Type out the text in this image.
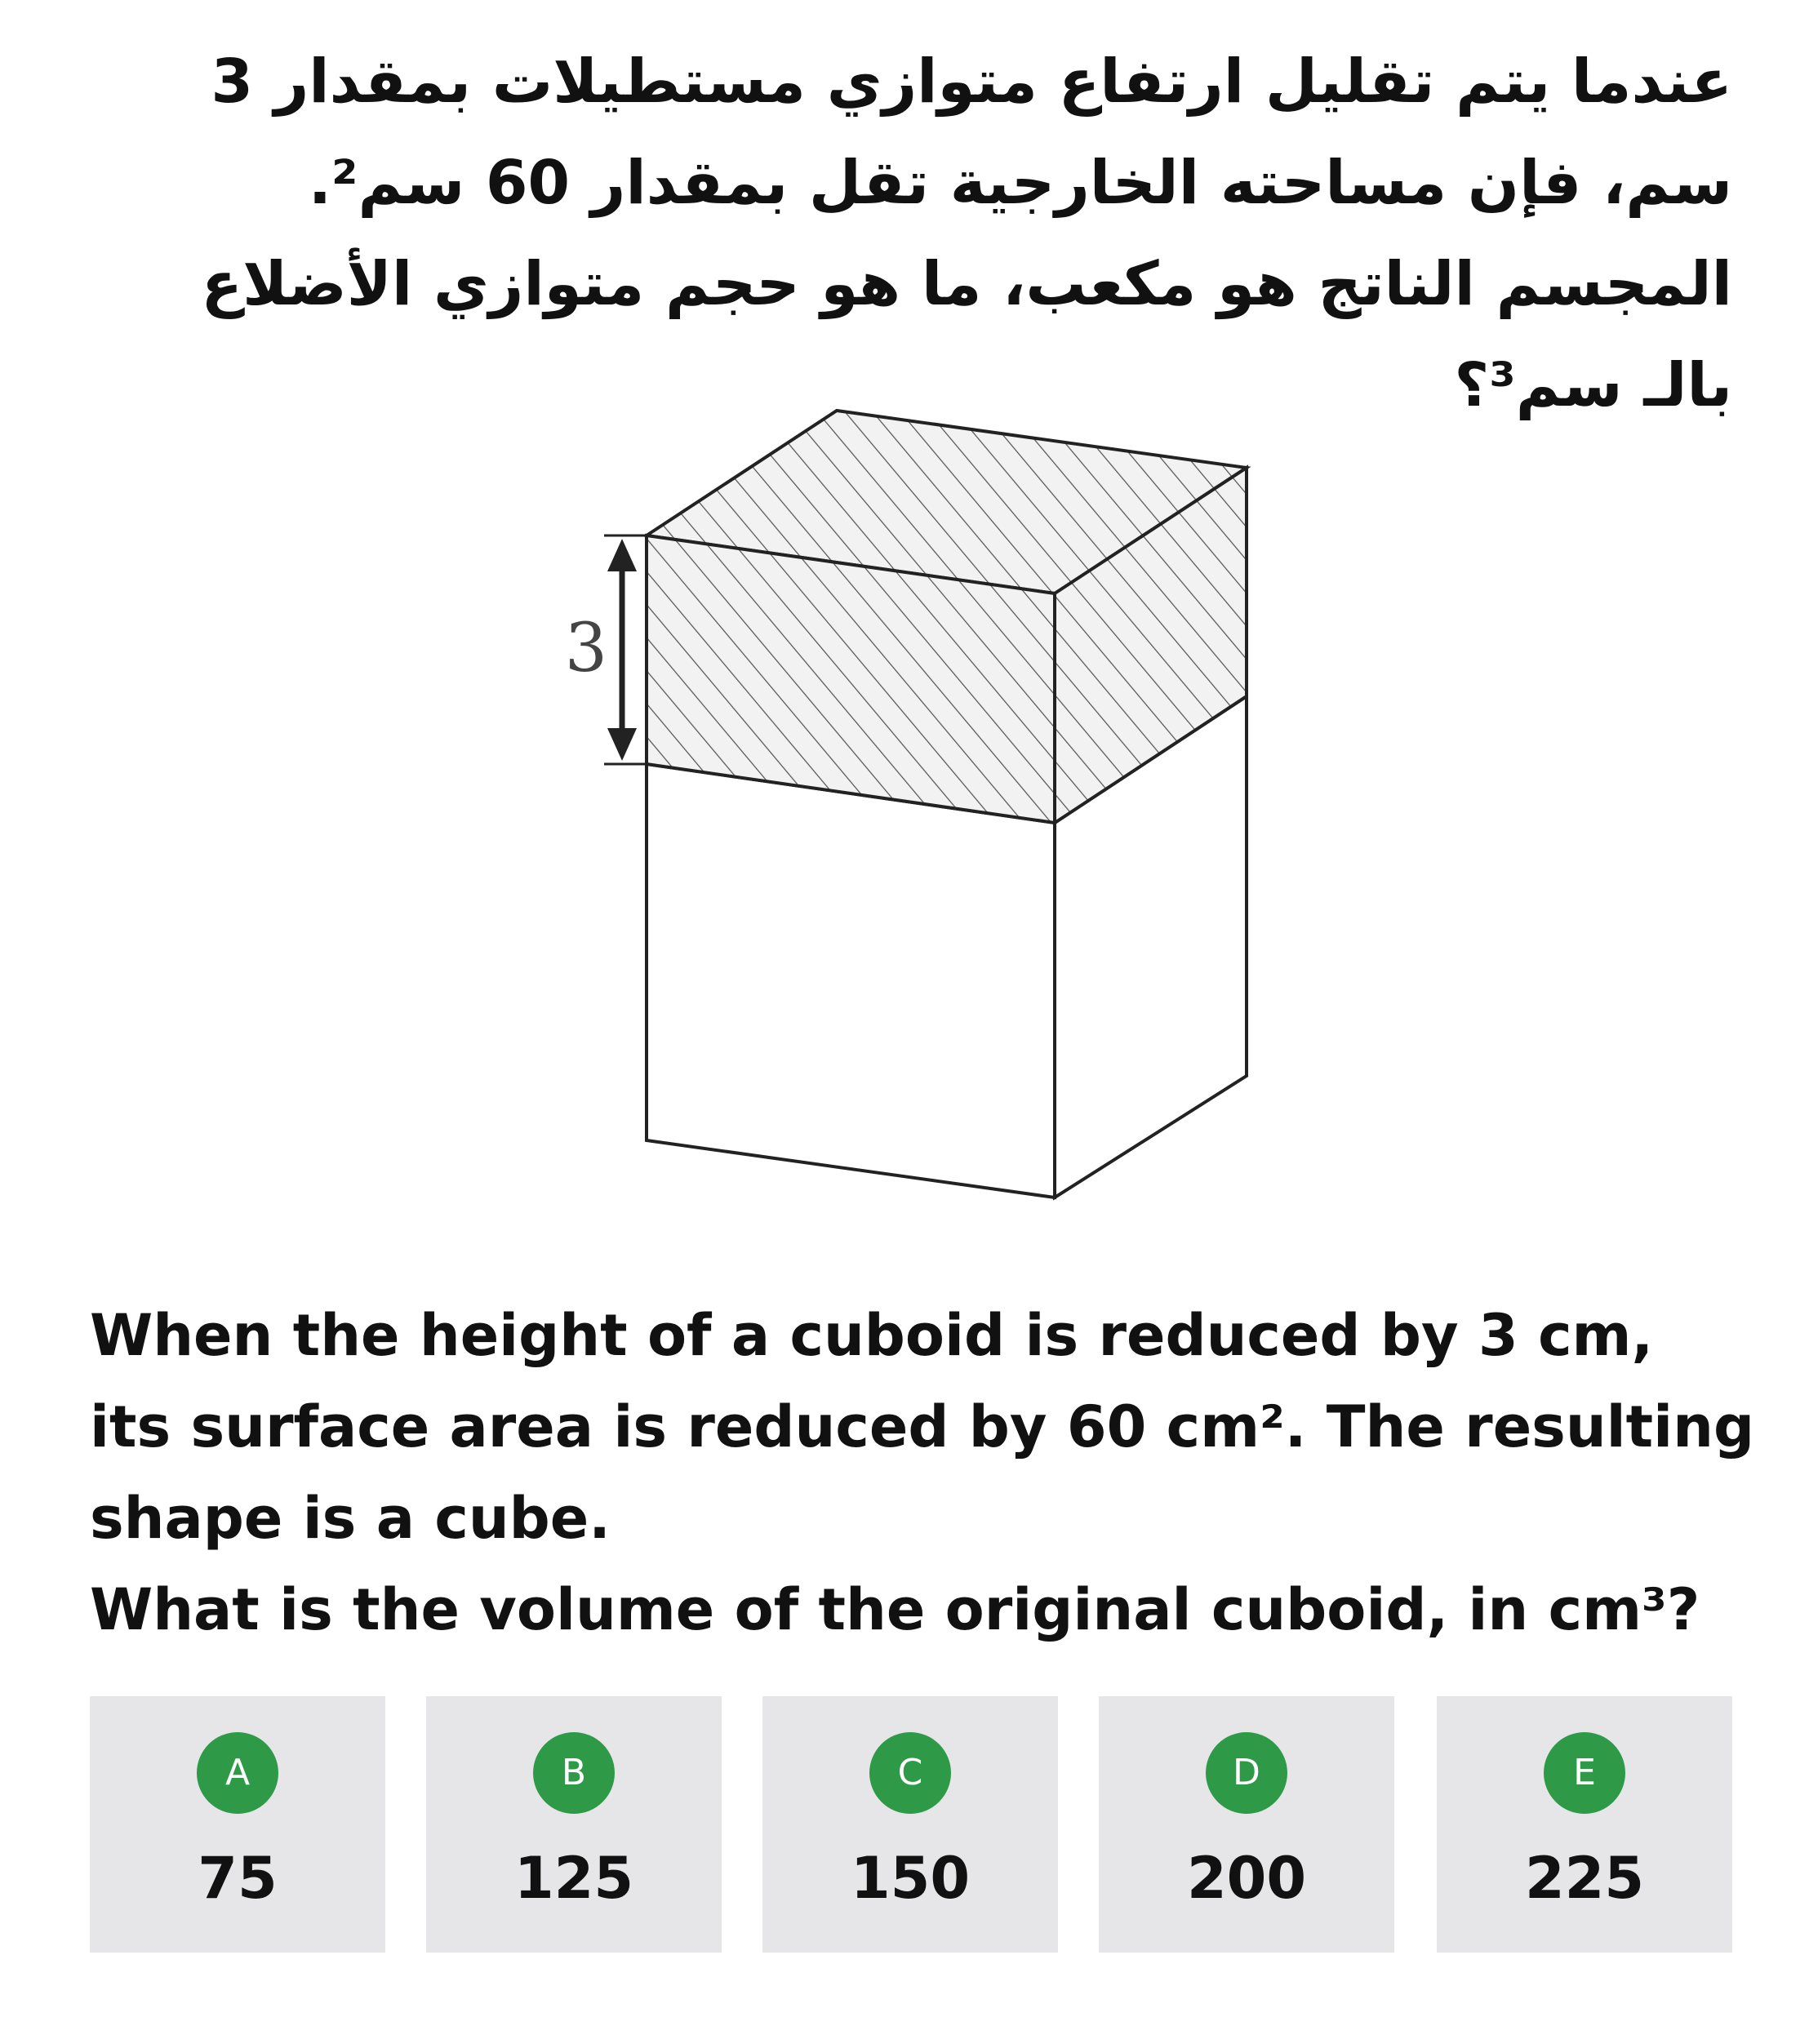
عندما يتم تقليل ارتفاع متوازي مستطيلات بمقدار 3
سم، فإن مساحته الخارجية تقل بمقدار 60 سم².
المجسم الناتج هو مكعب، ما هو حجم متوازي الأضلاع
بالـ سم³؟
3
When the height of a cuboid is reduced by 3 cm,
its surface area is reduced by 60 cm². The resulting
shape is a cube.
What is the volume of the original cuboid, in cm³?
A
75
B
125
C
150
D
200
E
225
